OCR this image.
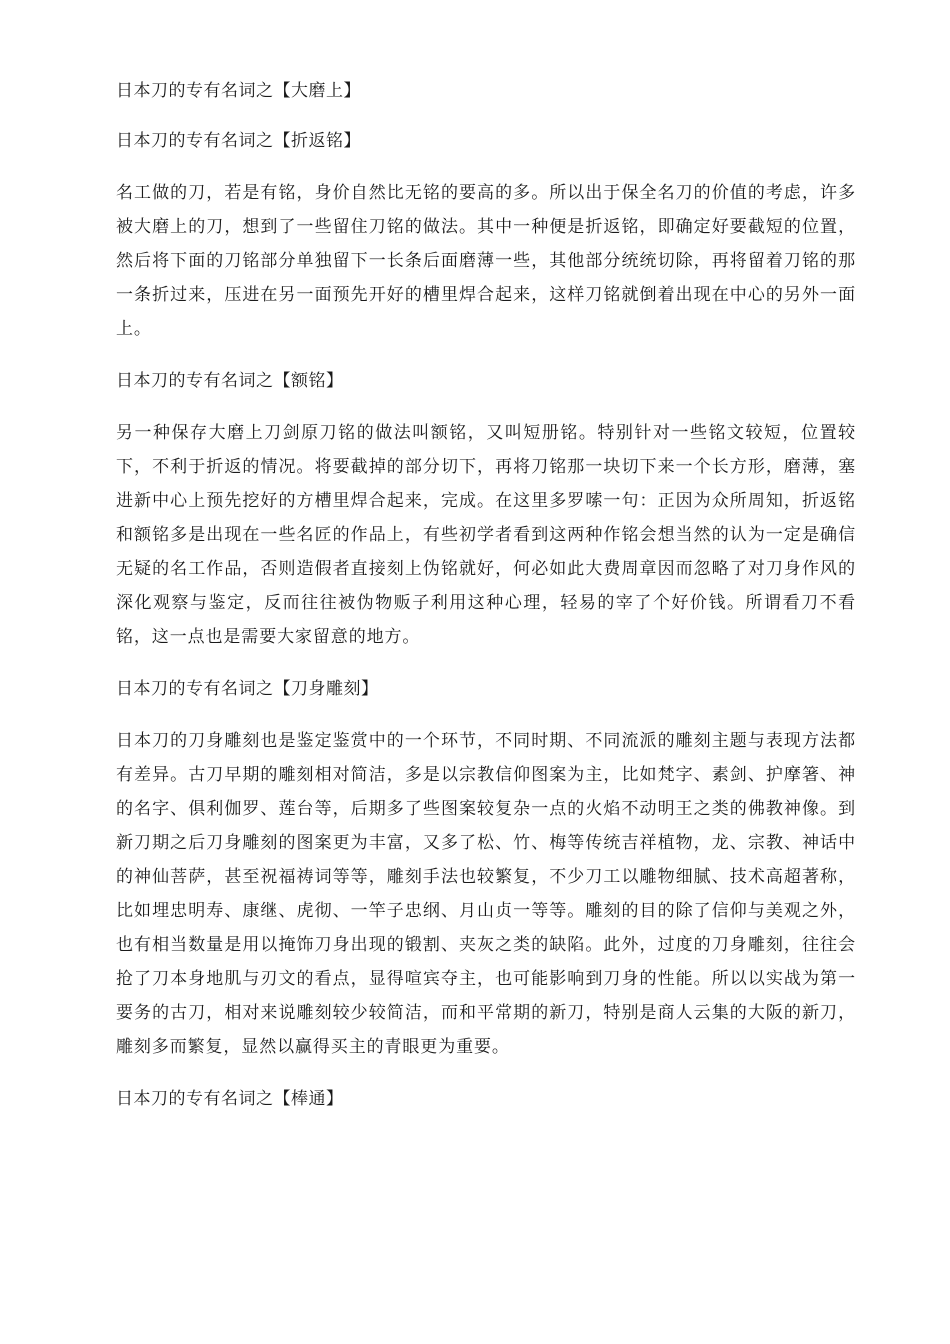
日本刀的专有名词之【大磨上】
日本刀的专有名词之【折返铭】

名工做的刀，若是有铭，身价自然比无铭的要高的多。所以出于保全名刀的价值的考虑，许多被大磨上的刀，想到了一些留住刀铭的做法。其中一种便是折返铭，即确定好要截短的位置，然后将下面的刀铭部分单独留下一长条后面磨薄一些，其他部分统统切除，再将留着刀铭的那一条折过来，压进在另一面预先开好的槽里焊合起来，这样刀铭就倒着出现在中心的另外一面上。

日本刀的专有名词之【额铭】

另一种保存大磨上刀剑原刀铭的做法叫额铭，又叫短册铭。特别针对一些铭文较短，位置较下，不利于折返的情况。将要截掉的部分切下，再将刀铭那一块切下来一个长方形，磨薄，塞进新中心上预先挖好的方槽里焊合起来，完成。在这里多罗嗦一句：正因为众所周知，折返铭和额铭多是出现在一些名匠的作品上，有些初学者看到这两种作铭会想当然的认为一定是确信无疑的名工作品，否则造假者直接刻上伪铭就好，何必如此大费周章因而忽略了对刀身作风的深化观察与鉴定，反而往往被伪物贩子利用这种心理，轻易的宰了个好价钱。所谓看刀不看铭，这一点也是需要大家留意的地方。

日本刀的专有名词之【刀身雕刻】

日本刀的刀身雕刻也是鉴定鉴赏中的一个环节，不同时期、不同流派的雕刻主题与表现方法都有差异。古刀早期的雕刻相对简洁，多是以宗教信仰图案为主，比如梵字、素剑、护摩箸、神的名字、俱利伽罗、莲台等，后期多了些图案较复杂一点的火焰不动明王之类的佛教神像。到新刀期之后刀身雕刻的图案更为丰富，又多了松、竹、梅等传统吉祥植物，龙、宗教、神话中的神仙菩萨，甚至祝福祷词等等，雕刻手法也较繁复，不少刀工以雕物细腻、技术高超著称，比如埋忠明寿、康继、虎彻、一竿子忠纲、月山贞一等等。雕刻的目的除了信仰与美观之外，也有相当数量是用以掩饰刀身出现的锻割、夹灰之类的缺陷。此外，过度的刀身雕刻，往往会抢了刀本身地肌与刃文的看点，显得喧宾夺主，也可能影响到刀身的性能。所以以实战为第一要务的古刀，相对来说雕刻较少较简洁，而和平常期的新刀，特别是商人云集的大阪的新刀，雕刻多而繁复，显然以赢得买主的青眼更为重要。

日本刀的专有名词之【棒通】
